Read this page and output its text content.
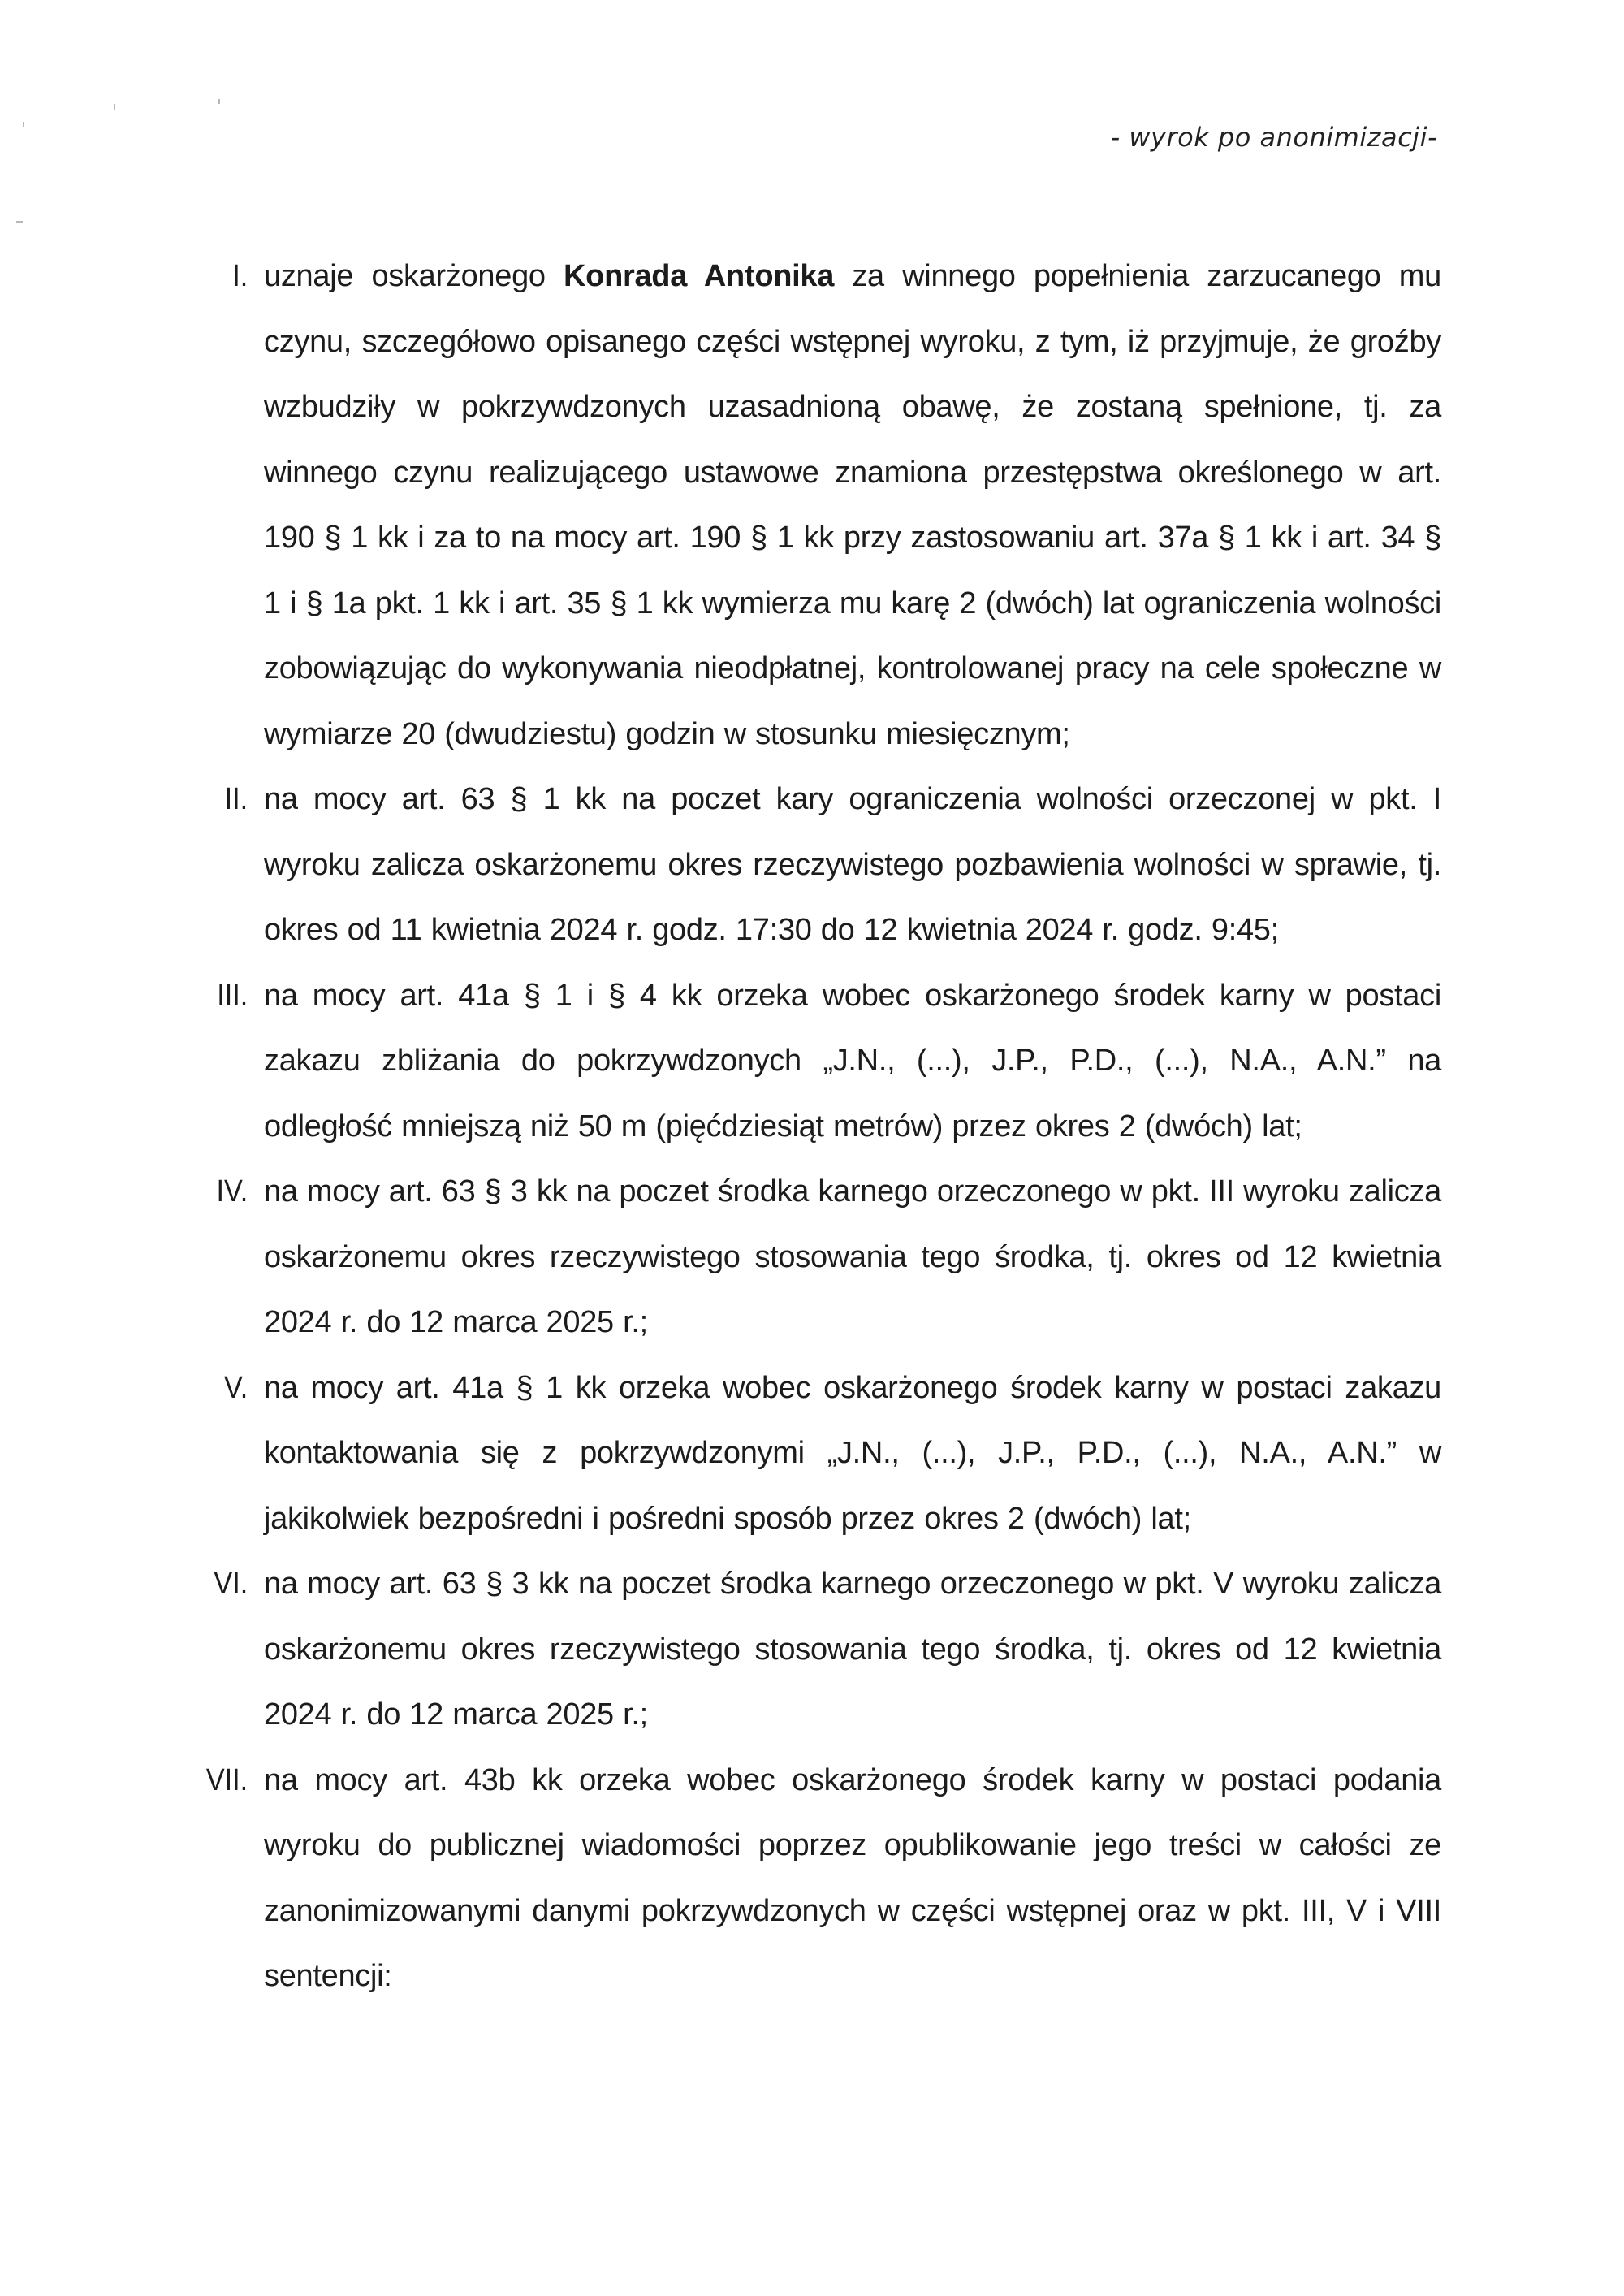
- wyrok po anonimizacji-
I. uznaje oskarżonego Konrada Antonika za winnego popełnienia zarzucanego mu czynu, szczegółowo opisanego części wstępnej wyroku, z tym, iż przyjmuje, że groźby wzbudziły w pokrzywdzonych uzasadnioną obawę, że zostaną spełnione, tj. za winnego czynu realizującego ustawowe znamiona przestępstwa określonego w art. 190 § 1 kk i za to na mocy art. 190 § 1 kk przy zastosowaniu art. 37a § 1 kk i art. 34 § 1 i § 1a pkt. 1 kk i art. 35 § 1 kk wymierza mu karę 2 (dwóch) lat ograniczenia wolności zobowiązując do wykonywania nieodpłatnej, kontrolowanej pracy na cele społeczne w wymiarze 20 (dwudziestu) godzin w stosunku miesięcznym;
II. na mocy art. 63 § 1 kk na poczet kary ograniczenia wolności orzeczonej w pkt. I wyroku zalicza oskarżonemu okres rzeczywistego pozbawienia wolności w sprawie, tj. okres od 11 kwietnia 2024 r. godz. 17:30 do 12 kwietnia 2024 r. godz. 9:45;
III. na mocy art. 41a § 1 i § 4 kk orzeka wobec oskarżonego środek karny w postaci zakazu zbliżania do pokrzywdzonych „J.N., (...), J.P., P.D., (...), N.A., A.N.” na odległość mniejszą niż 50 m (pięćdziesiąt metrów) przez okres 2 (dwóch) lat;
IV. na mocy art. 63 § 3 kk na poczet środka karnego orzeczonego w pkt. III wyroku zalicza oskarżonemu okres rzeczywistego stosowania tego środka, tj. okres od 12 kwietnia 2024 r. do 12 marca 2025 r.;
V. na mocy art. 41a § 1 kk orzeka wobec oskarżonego środek karny w postaci zakazu kontaktowania się z pokrzywdzonymi „J.N., (...), J.P., P.D., (...), N.A., A.N.” w jakikolwiek bezpośredni i pośredni sposób przez okres 2 (dwóch) lat;
VI. na mocy art. 63 § 3 kk na poczet środka karnego orzeczonego w pkt. V wyroku zalicza oskarżonemu okres rzeczywistego stosowania tego środka, tj. okres od 12 kwietnia 2024 r. do 12 marca 2025 r.;
VII. na mocy art. 43b kk orzeka wobec oskarżonego środek karny w postaci podania wyroku do publicznej wiadomości poprzez opublikowanie jego treści w całości ze zanonimizowanymi danymi pokrzywdzonych w części wstępnej oraz w pkt. III, V i VIII sentencji:
